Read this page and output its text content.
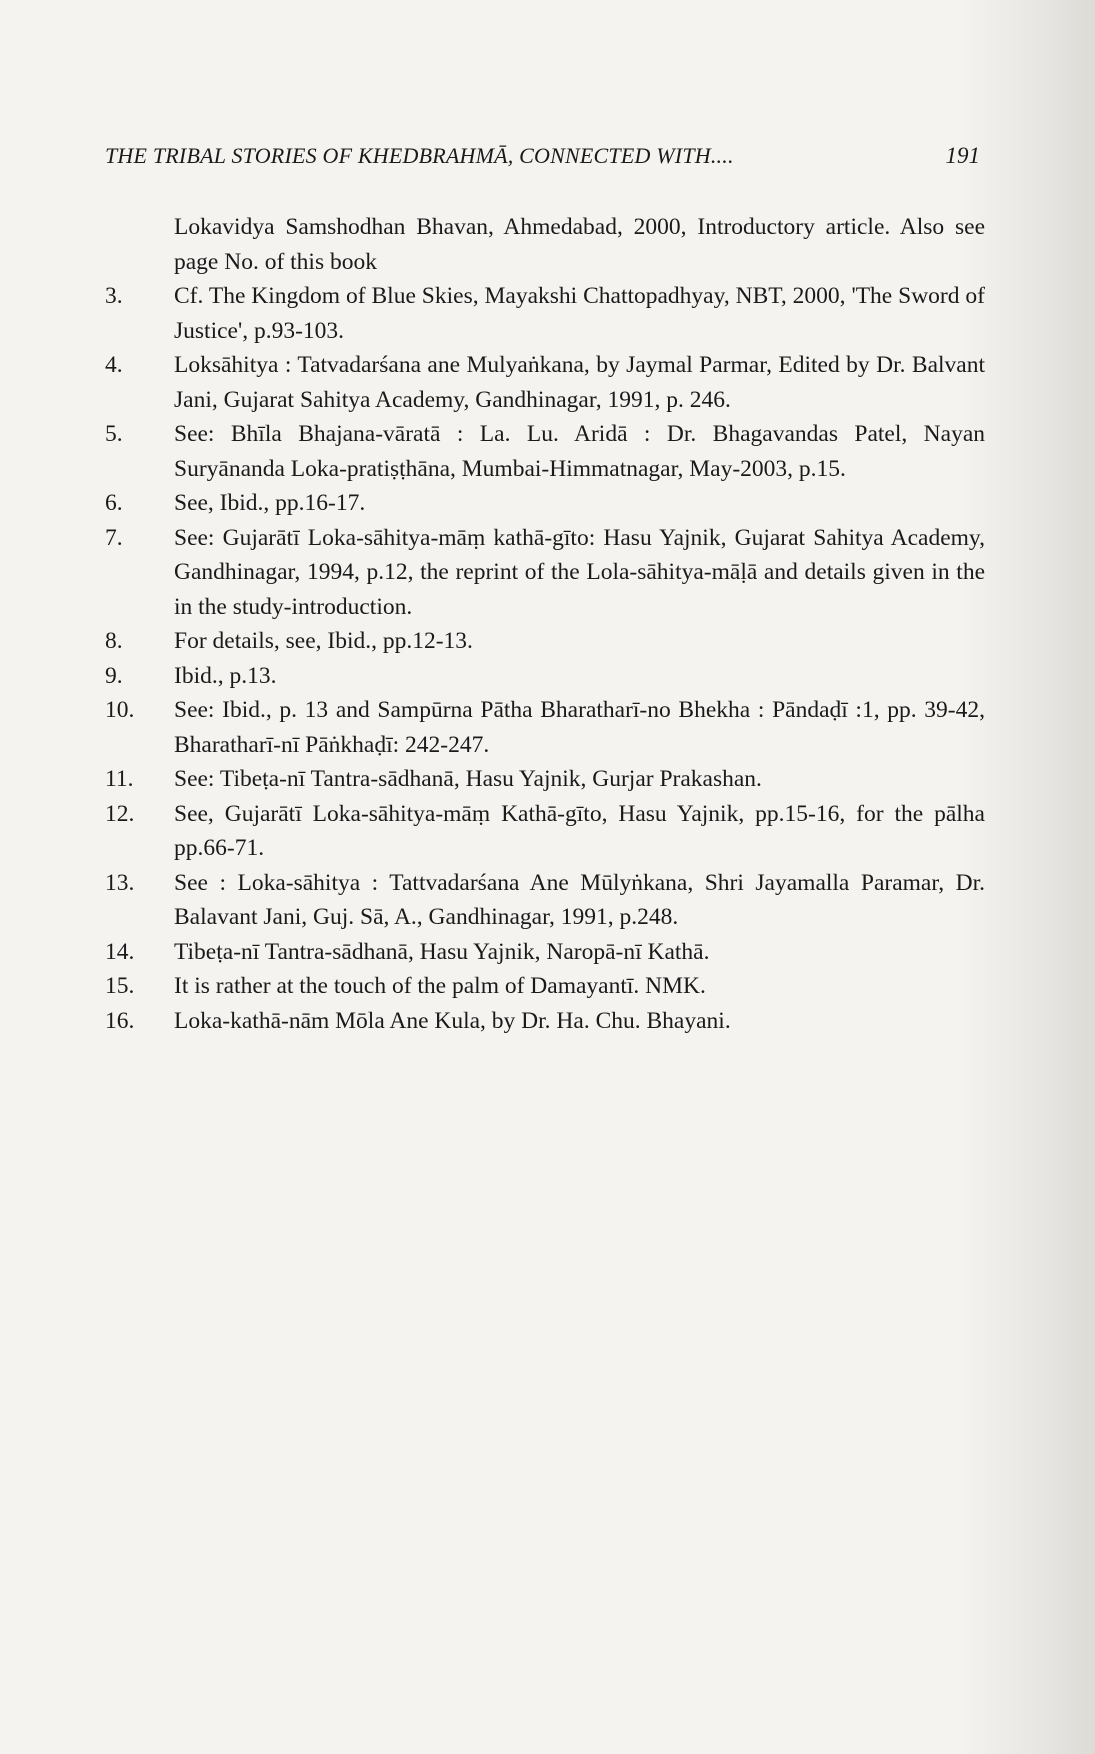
THE TRIBAL STORIES OF KHEDBRAHMĀ, CONNECTED WITH....	191
Lokavidya Samshodhan Bhavan, Ahmedabad, 2000, Introductory article. Also see page No. of this book
3. Cf. The Kingdom of Blue Skies, Mayakshi Chattopadhyay, NBT, 2000, 'The Sword of Justice', p.93-103.
4. Loksāhitya : Tatvadarśana ane Mulyaṅkana, by Jaymal Parmar, Edited by Dr. Balvant Jani, Gujarat Sahitya Academy, Gandhinagar, 1991, p. 246.
5. See: Bhīla Bhajana-vāratā : La. Lu. Aridā : Dr. Bhagavandas Patel, Nayan Suryānanda Loka-pratiṣṭhāna, Mumbai-Himmatnagar, May-2003, p.15.
6. See, Ibid., pp.16-17.
7. See: Gujarātī Loka-sāhitya-māṃ kathā-gīto: Hasu Yajnik, Gujarat Sahitya Academy, Gandhinagar, 1994, p.12, the reprint of the Lola-sāhitya-māḷā and details given in the in the study-introduction.
8. For details, see, Ibid., pp.12-13.
9. Ibid., p.13.
10. See: Ibid., p. 13 and Sampūrna Pātha Bharatharī-no Bhekha : Pāndaḍī :1, pp. 39-42, Bharatharī-nī Pāṅkhaḍī: 242-247.
11. See: Tibeṭa-nī Tantra-sādhanā, Hasu Yajnik, Gurjar Prakashan.
12. See, Gujarātī Loka-sāhitya-māṃ Kathā-gīto, Hasu Yajnik, pp.15-16, for the pālha pp.66-71.
13. See : Loka-sāhitya : Tattvadarśana Ane Mūlyṅkana, Shri Jayamalla Paramar, Dr. Balavant Jani, Guj. Sā, A., Gandhinagar, 1991, p.248.
14. Tibeṭa-nī Tantra-sādhanā, Hasu Yajnik, Naropā-nī Kathā.
15. It is rather at the touch of the palm of Damayantī. NMK.
16. Loka-kathā-nām Mōla Ane Kula, by Dr. Ha. Chu. Bhayani.
